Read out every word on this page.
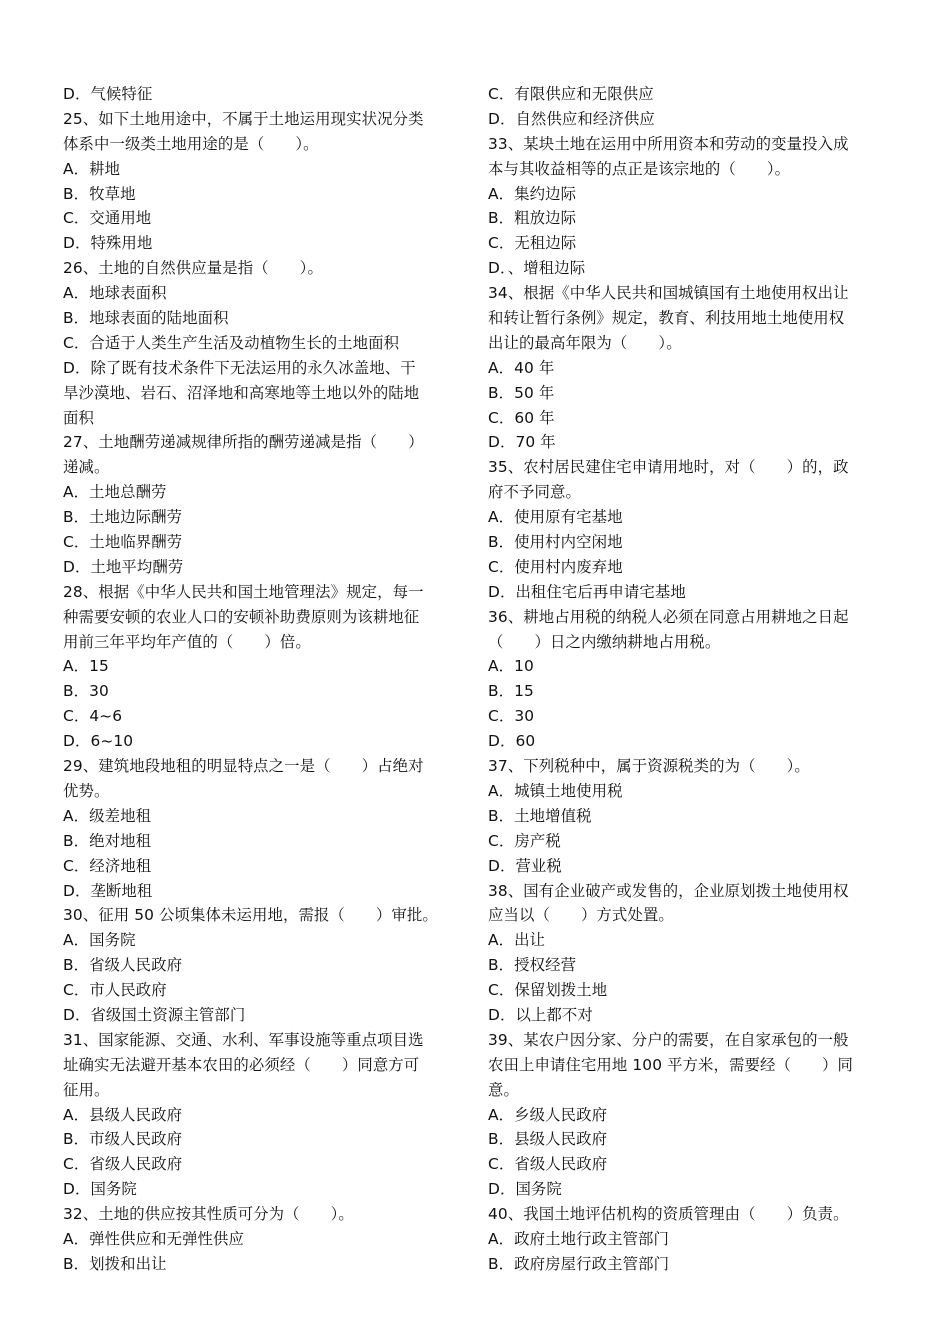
D．气候特征
25、如下土地用途中，不属于土地运用现实状况分类
体系中一级类土地用途的是（　　）。
A．耕地
B．牧草地
C．交通用地
D．特殊用地
26、土地的自然供应量是指（　　）。
A．地球表面积
B．地球表面的陆地面积
C．合适于人类生产生活及动植物生长的土地面积
D．除了既有技术条件下无法运用的永久冰盖地、干
旱沙漠地、岩石、沼泽地和高寒地等土地以外的陆地
面积
27、土地酬劳递减规律所指的酬劳递减是指（　　）
递减。
A．土地总酬劳
B．土地边际酬劳
C．土地临界酬劳
D．土地平均酬劳
28、根据《中华人民共和国土地管理法》规定，每一
种需要安顿的农业人口的安顿补助费原则为该耕地征
用前三年平均年产值的（　　）倍。
A．15
B．30
C．4~6
D．6~10
29、建筑地段地租的明显特点之一是（　　）占绝对
优势。
A．级差地租
B．绝对地租
C．经济地租
D．垄断地租
30、征用 50 公顷集体未运用地，需报（　　）审批。
A．国务院
B．省级人民政府
C．市人民政府
D．省级国土资源主管部门
31、国家能源、交通、水利、军事设施等重点项目选
址确实无法避开基本农田的必须经（　　）同意方可
征用。
A．县级人民政府
B．市级人民政府
C．省级人民政府
D．国务院
32、土地的供应按其性质可分为（　　）。
A．弹性供应和无弹性供应
B．划拨和出让
C．有限供应和无限供应
D．自然供应和经济供应
33、某块土地在运用中所用资本和劳动的变量投入成
本与其收益相等的点正是该宗地的（　　）。
A．集约边际
B．粗放边际
C．无租边际
D．、增租边际
34、根据《中华人民共和国城镇国有土地使用权出让
和转让暂行条例》规定，教育、利技用地土地使用权
出让的最高年限为（　　）。
A．40 年
B．50 年
C．60 年
D．70 年
35、农村居民建住宅申请用地时，对（　　）的，政
府不予同意。
A．使用原有宅基地
B．使用村内空闲地
C．使用村内废弃地
D．出租住宅后再申请宅基地
36、耕地占用税的纳税人必须在同意占用耕地之日起
（　　）日之内缴纳耕地占用税。
A．10
B．15
C．30
D．60
37、下列税种中，属于资源税类的为（　　）。
A．城镇土地使用税
B．土地增值税
C．房产税
D．营业税
38、国有企业破产或发售的，企业原划拨土地使用权
应当以（　　）方式处置。
A．出让
B．授权经营
C．保留划拨土地
D．以上都不对
39、某农户因分家、分户的需要，在自家承包的一般
农田上申请住宅用地 100 平方米，需要经（　　）同
意。
A．乡级人民政府
B．县级人民政府
C．省级人民政府
D．国务院
40、我国土地评估机构的资质管理由（　　）负责。
A．政府土地行政主管部门
B．政府房屋行政主管部门
